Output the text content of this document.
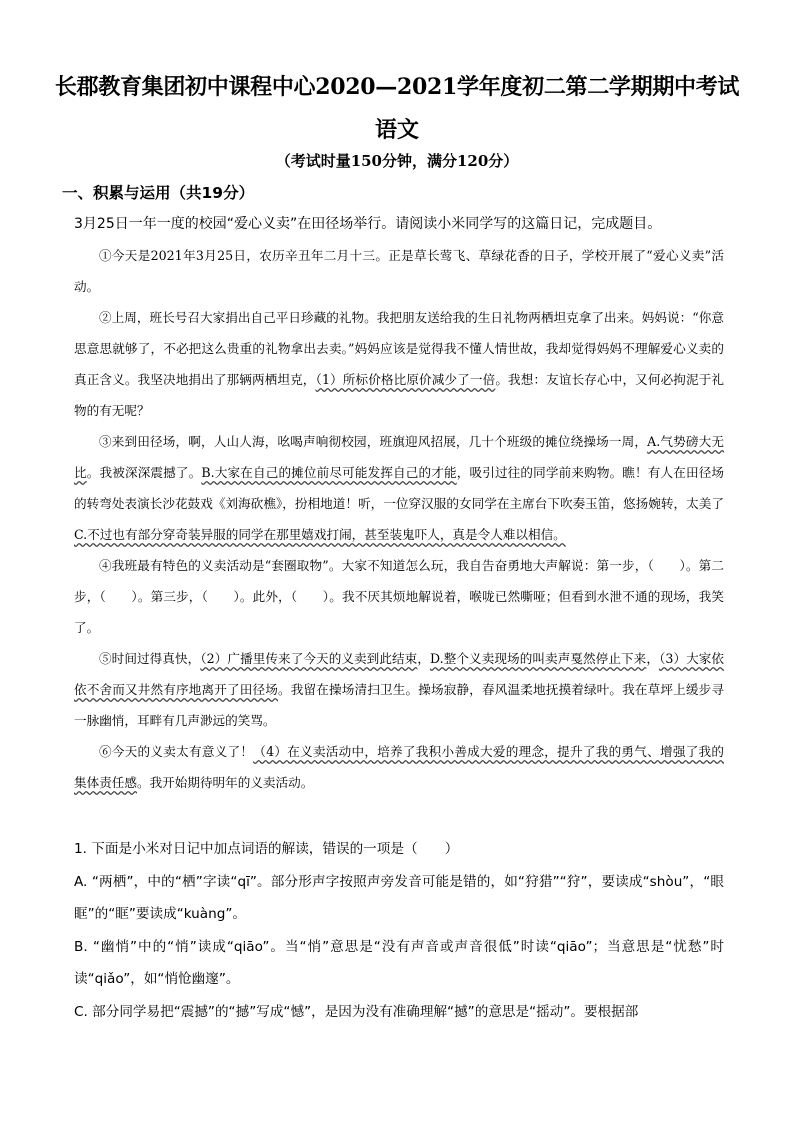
长郡教育集团初中课程中心2020—2021学年度初二第二学期期中考试
语文
（考试时量150分钟，满分120分）
一、积累与运用（共19分）
3月25日一年一度的校园“爱心义卖”在田径场举行。请阅读小米同学写的这篇日记，完成题目。

①今天是2021年3月25日，农历辛丑年二月十三。正是草长莺飞、草绿花香的日子，学校开展了“爱心义卖”活动。

②上周，班长号召大家捐出自己平日珍藏的礼物。我把朋友送给我的生日礼物两栖坦克拿了出来。妈妈说：“你意思意思就够了，不必把这么贵重的礼物拿出去卖。”妈妈应该是觉得我不懂人情世故，我却觉得妈妈不理解爱心义卖的真正含义。我坚决地捐出了那辆两栖坦克，（1）所标价格比原价减少了一倍。我想：友谊长存心中，又何必拘泥于礼物的有无呢？

③来到田径场，啊，人山人海，吆喝声响彻校园，班旗迎风招展，几十个班级的摊位绕操场一周，A.气势磅大无比。我被深深震撼了。B.大家在自己的摊位前尽可能发挥自己的才能，吸引过往的同学前来购物。瞧！有人在田径场的转弯处表演长沙花鼓戏《刘海砍樵》，扮相地道！听，一位穿汉服的女同学在主席台下吹奏玉笛，悠扬婉转，太美了C.不过也有部分穿奇装异服的同学在那里嬉戏打闹，甚至装鬼吓人，真是令人难以相信。

④我班最有特色的义卖活动是“套圈取物”。大家不知道怎么玩，我自告奋勇地大声解说：第一步，（　　）。第二步，（　　）。第三步，（　　）。此外，（　　）。我不厌其烦地解说着，喉咙已然嘶哑；但看到水泄不通的现场，我笑了。

⑤时间过得真快，（2）广播里传来了今天的义卖到此结束，D.整个义卖现场的叫卖声戛然停止下来，（3）大家依依不舍而又井然有序地离开了田径场。我留在操场清扫卫生。操场寂静，春风温柔地抚摸着绿叶。我在草坪上缓步寻一脉幽悄，耳畔有几声渺远的笑骂。

⑥今天的义卖太有意义了！（4）在义卖活动中，培养了我积小善成大爱的理念，提升了我的勇气、增强了我的集体责任感。我开始期待明年的义卖活动。

1. 下面是小米对日记中加点词语的解读，错误的一项是（　　）

A. “两栖”，中的“栖”字读“qī”。部分形声字按照声旁发音可能是错的，如“狩猎”“狩”，要读成“shòu”，“眼眶”的“眶”要读成“kuàng”。

B. “幽悄”中的“悄”读成“qiāo”。当“悄”意思是“没有声音或声音很低”时读“qiāo”；当意思是“忧愁”时读“qiǎo”，如“悄怆幽邃”。

C. 部分同学易把“震撼”的“撼”写成“憾”，是因为没有准确理解“撼”的意思是“摇动”。要根据部
